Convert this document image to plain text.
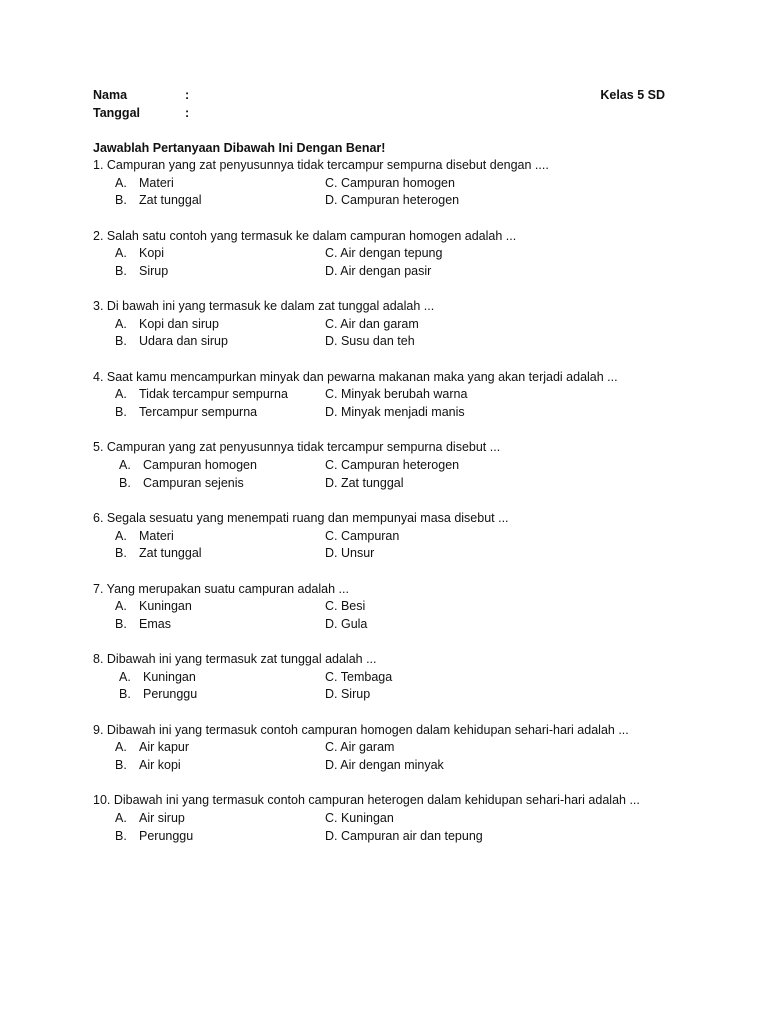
Nama	:	Kelas 5 SD
Tanggal	:
Jawablah Pertanyaan Dibawah Ini Dengan Benar!
1. Campuran yang zat penyusunnya tidak tercampur sempurna disebut dengan ....
A. Materi	C. Campuran homogen
B. Zat tunggal	D. Campuran heterogen
2. Salah satu contoh yang termasuk ke dalam campuran homogen adalah ...
A. Kopi	C. Air dengan tepung
B. Sirup	D. Air dengan pasir
3. Di bawah ini yang termasuk ke dalam zat tunggal adalah ...
A. Kopi dan sirup	C. Air dan garam
B. Udara dan sirup	D. Susu dan teh
4. Saat kamu mencampurkan minyak dan pewarna makanan maka yang akan terjadi adalah ...
A. Tidak tercampur sempurna	C. Minyak berubah warna
B. Tercampur sempurna	D. Minyak menjadi manis
5. Campuran yang zat penyusunnya tidak tercampur sempurna disebut ...
A. Campuran homogen	C. Campuran heterogen
B. Campuran sejenis	D. Zat tunggal
6. Segala sesuatu yang menempati ruang dan mempunyai masa disebut ...
A. Materi	C. Campuran
B. Zat tunggal	D. Unsur
7. Yang merupakan suatu campuran adalah ...
A. Kuningan	C. Besi
B. Emas	D. Gula
8. Dibawah ini yang termasuk zat tunggal adalah ...
A. Kuningan	C. Tembaga
B. Perunggu	D. Sirup
9. Dibawah ini yang termasuk contoh campuran homogen dalam kehidupan sehari-hari adalah ...
A. Air kapur	C. Air garam
B. Air kopi	D. Air dengan minyak
10. Dibawah ini yang termasuk contoh campuran heterogen dalam kehidupan sehari-hari adalah ...
A. Air sirup	C. Kuningan
B. Perunggu	D. Campuran air dan tepung
